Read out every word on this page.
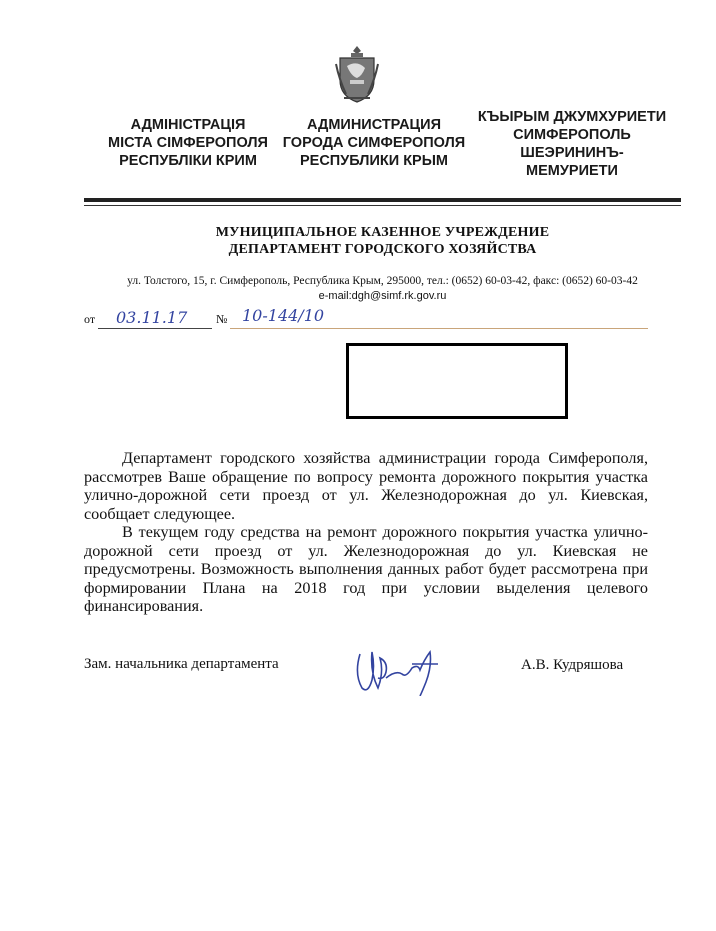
АДМІНІСТРАЦІЯ
МІСТА СІМФЕРОПОЛЯ
РЕСПУБЛІКИ КРИМ
АДМИНИСТРАЦИЯ
ГОРОДА СИМФЕРОПОЛЯ
РЕСПУБЛИКИ КРЫМ
КЪЫРЫМ ДЖУМХУРИЕТИ
СИМФЕРОПОЛЬ
ШЕЭРИНИНЪ-
МЕМУРИЕТИ
МУНИЦИПАЛЬНОЕ КАЗЕННОЕ УЧРЕЖДЕНИЕ
ДЕПАРТАМЕНТ ГОРОДСКОГО ХОЗЯЙСТВА
ул. Толстого, 15, г. Симферополь, Республика Крым, 295000, тел.: (0652) 60-03-42, факс: (0652) 60-03-42
e-mail:dgh@simf.rk.gov.ru
от 03.11.17 № 10-144/10

Департамент городского хозяйства администрации города Симферополя, рассмотрев Ваше обращение по вопросу ремонта дорожного покрытия участка улично-дорожной сети проезд от ул. Железнодорожная до ул. Киевская, сообщает следующее.

В текущем году средства на ремонт дорожного покрытия участка улично-дорожной сети проезд от ул. Железнодорожная до ул. Киевская не предусмотрены. Возможность выполнения данных работ будет рассмотрена при формировании Плана на 2018 год при условии выделения целевого финансирования.

Зам. начальника департамента	А.В. Кудряшова
